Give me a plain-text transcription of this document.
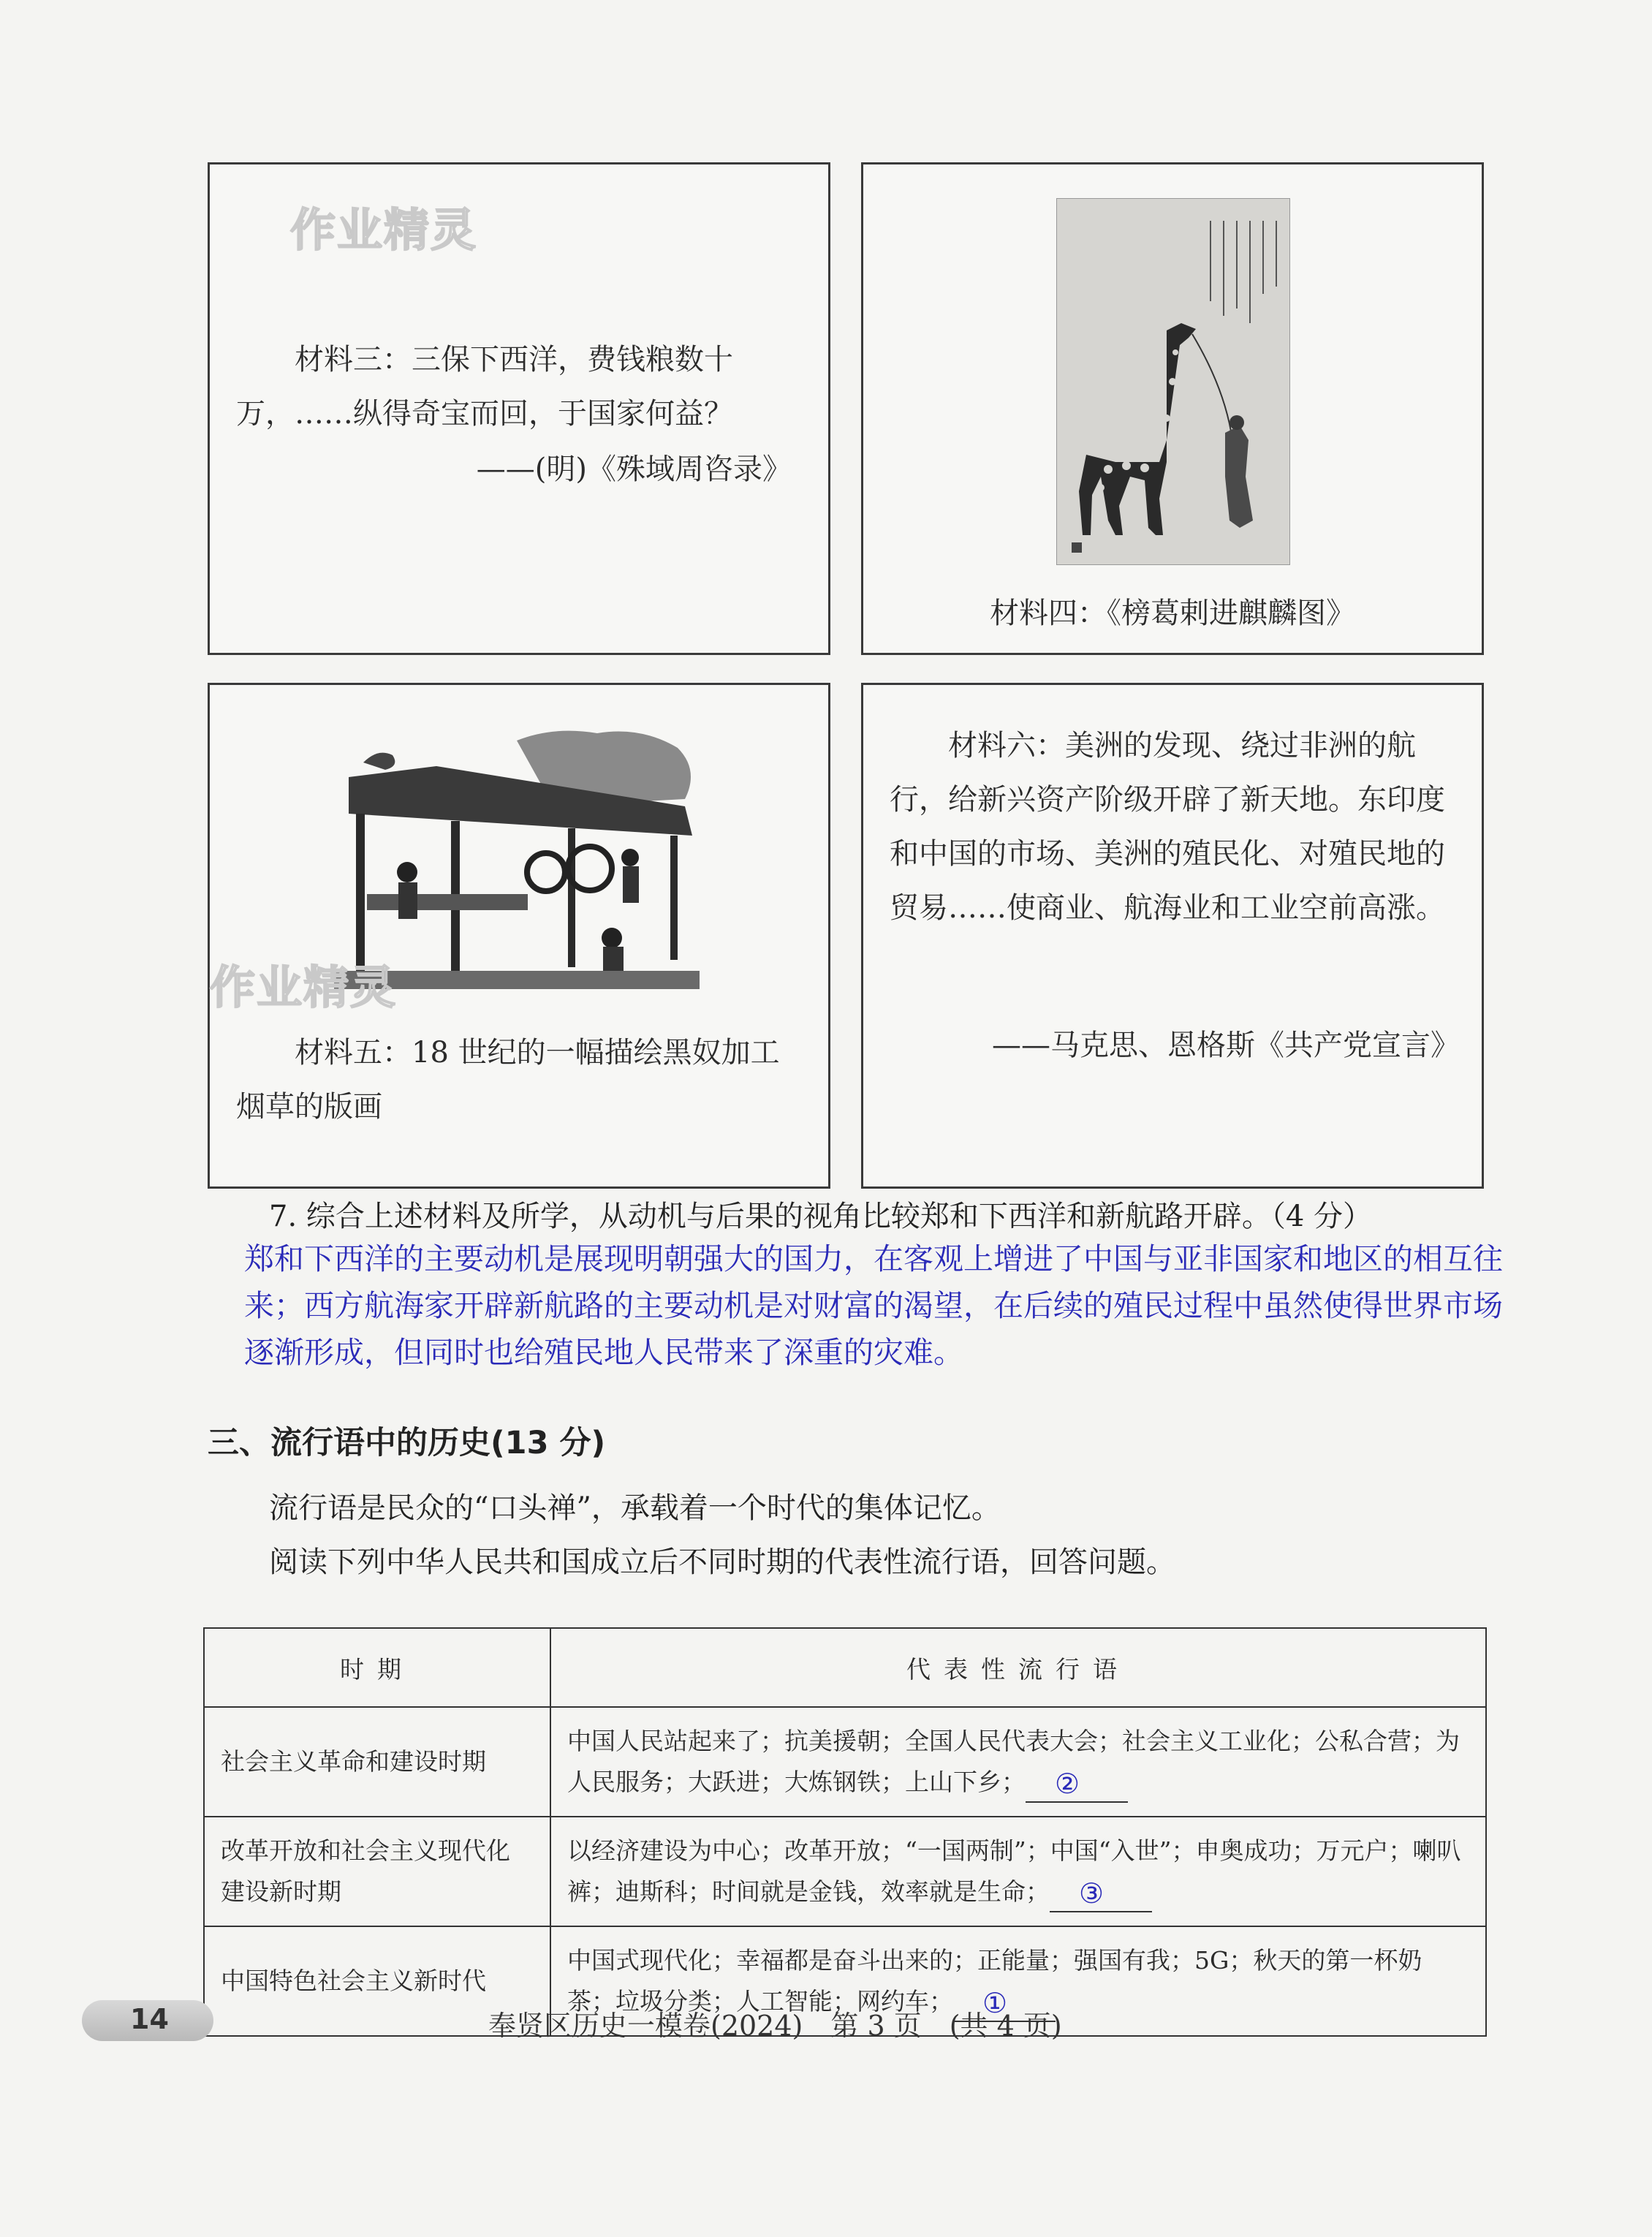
作业精灵
材料三：三保下西洋，费钱粮数十万，……纵得奇宝而回，于国家何益？
——(明)《殊域周咨录》
材料四：《榜葛剌进麒麟图》
作业精灵
材料五：18 世纪的一幅描绘黑奴加工烟草的版画
材料六：美洲的发现、绕过非洲的航行，给新兴资产阶级开辟了新天地。东印度和中国的市场、美洲的殖民化、对殖民地的贸易……使商业、航海业和工业空前高涨。
——马克思、恩格斯《共产党宣言》
7. 综合上述材料及所学，从动机与后果的视角比较郑和下西洋和新航路开辟。（4 分）
郑和下西洋的主要动机是展现明朝强大的国力，在客观上增进了中国与亚非国家和地区的相互往来；西方航海家开辟新航路的主要动机是对财富的渴望，在后续的殖民过程中虽然使得世界市场逐渐形成，但同时也给殖民地人民带来了深重的灾难。
三、流行语中的历史(13 分)
流行语是民众的“口头禅”，承载着一个时代的集体记忆。
阅读下列中华人民共和国成立后不同时期的代表性流行语，回答问题。
时期	代表性流行语
社会主义革命和建设时期	中国人民站起来了；抗美援朝；全国人民代表大会；社会主义工业化；公私合营；为人民服务；大跃进；大炼钢铁；上山下乡； ②

改革开放和社会主义现代化建设新时期	以经济建设为中心；改革开放；“一国两制”；中国“入世”；申奥成功；万元户；喇叭裤；迪斯科；时间就是金钱，效率就是生命； ③

中国特色社会主义新时代	中国式现代化；幸福都是奋斗出来的；正能量；强国有我；5G；秋天的第一杯奶茶；垃圾分类；人工智能；网约车； ①
14	奉贤区历史一模卷(2024)　第 3 页　(共 4 页)
